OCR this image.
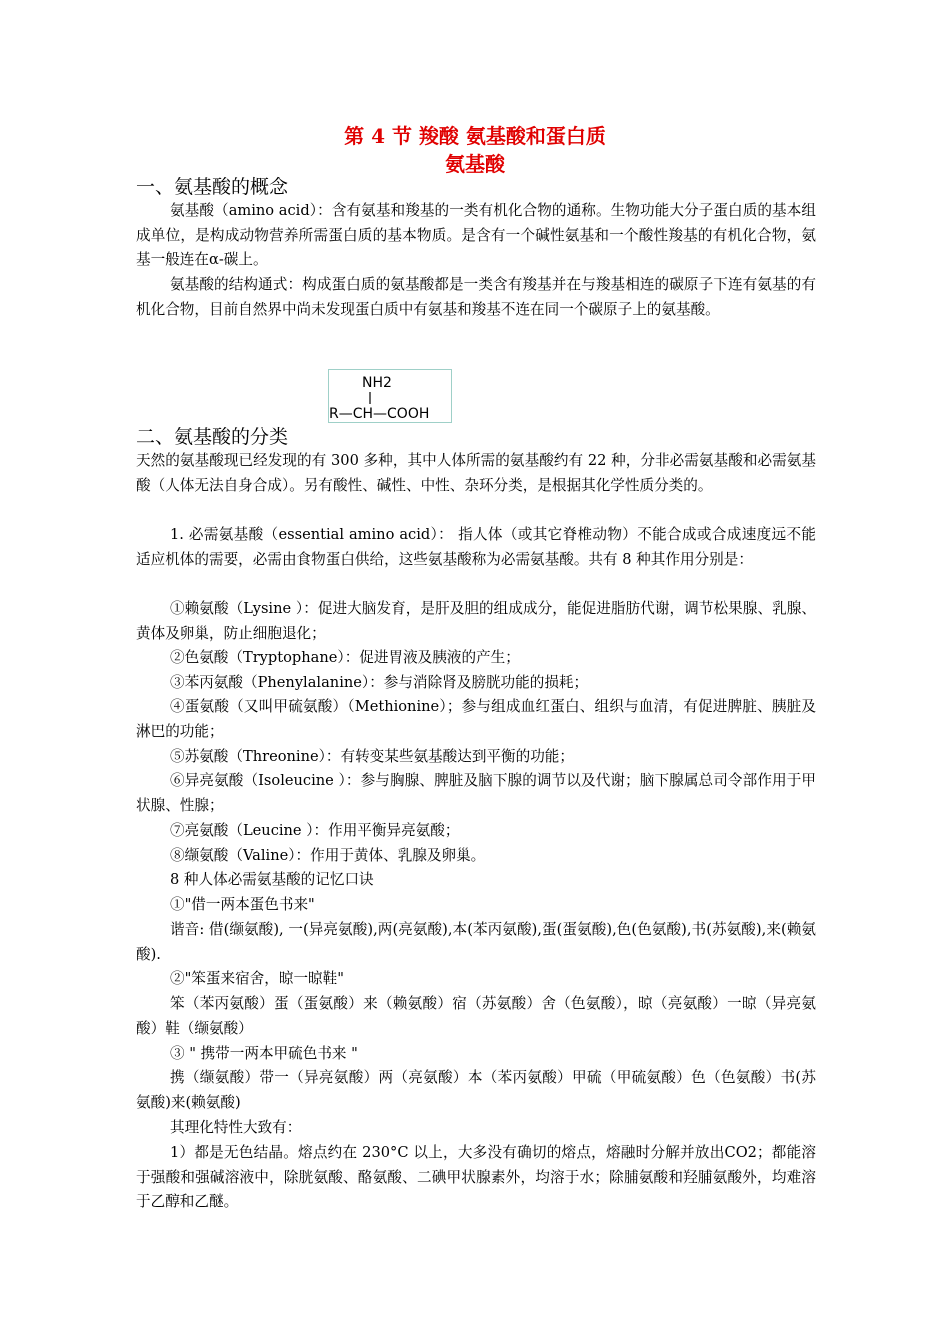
第 4 节 羧酸 氨基酸和蛋白质
氨基酸
一、氨基酸的概念
氨基酸（amino acid）：含有氨基和羧基的一类有机化合物的通称。生物功能大分子蛋白质的基本组成单位，是构成动物营养所需蛋白质的基本物质。是含有一个碱性氨基和一个酸性羧基的有机化合物，氨基一般连在α-碳上。
氨基酸的结构通式：构成蛋白质的氨基酸都是一类含有羧基并在与羧基相连的碳原子下连有氨基的有机化合物，目前自然界中尚未发现蛋白质中有氨基和羧基不连在同一个碳原子上的氨基酸。
NH2
R—CH—COOH
二、氨基酸的分类
天然的氨基酸现已经发现的有 300 多种，其中人体所需的氨基酸约有 22 种，分非必需氨基酸和必需氨基酸（人体无法自身合成）。另有酸性、碱性、中性、杂环分类，是根据其化学性质分类的。
1. 必需氨基酸（essential amino acid）： 指人体（或其它脊椎动物）不能合成或合成速度远不能适应机体的需要，必需由食物蛋白供给，这些氨基酸称为必需氨基酸。共有 8 种其作用分别是：
①赖氨酸（Lysine ）：促进大脑发育，是肝及胆的组成成分，能促进脂肪代谢，调节松果腺、乳腺、黄体及卵巢，防止细胞退化；
②色氨酸（Tryptophane）：促进胃液及胰液的产生；
③苯丙氨酸（Phenylalanine）：参与消除肾及膀胱功能的损耗；
④蛋氨酸（又叫甲硫氨酸）（Methionine）；参与组成血红蛋白、组织与血清，有促进脾脏、胰脏及淋巴的功能；
⑤苏氨酸（Threonine）：有转变某些氨基酸达到平衡的功能；
⑥异亮氨酸（Isoleucine ）：参与胸腺、脾脏及脑下腺的调节以及代谢；脑下腺属总司令部作用于甲状腺、性腺；
⑦亮氨酸（Leucine ）：作用平衡异亮氨酸；
⑧缬氨酸（Valine）：作用于黄体、乳腺及卵巢。
8 种人体必需氨基酸的记忆口诀
①"借一两本蛋色书来"
谐音: 借(缬氨酸), 一(异亮氨酸),两(亮氨酸),本(苯丙氨酸),蛋(蛋氨酸),色(色氨酸),书(苏氨酸),来(赖氨酸).
②"笨蛋来宿舍，晾一晾鞋"
笨（苯丙氨酸）蛋（蛋氨酸）来（赖氨酸）宿（苏氨酸）舍（色氨酸），晾（亮氨酸）一晾（异亮氨酸）鞋（缬氨酸）
③ " 携带一两本甲硫色书来 "
携（缬氨酸）带一（异亮氨酸）两（亮氨酸）本（苯丙氨酸）甲硫（甲硫氨酸）色（色氨酸）书(苏氨酸)来(赖氨酸)
其理化特性大致有：
1）都是无色结晶。熔点约在 230°C 以上，大多没有确切的熔点，熔融时分解并放出CO2；都能溶于强酸和强碱溶液中，除胱氨酸、酪氨酸、二碘甲状腺素外，均溶于水；除脯氨酸和羟脯氨酸外，均难溶于乙醇和乙醚。
